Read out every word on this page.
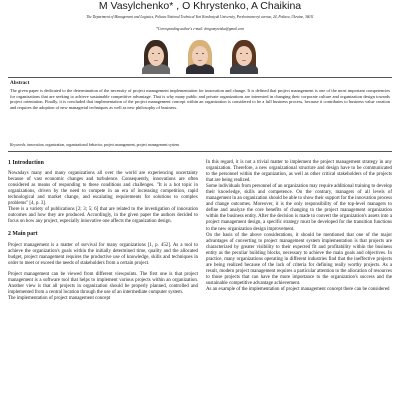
M Vasylchenko* , O Khrystenko, A Chaikina
The Department of Management and Logistics, Poltava National Technical Yuri Kondratyuk University, Pershotravnevyi avenue, 24, Poltava, Ukraine, 36011
*Corresponding author's e-mail: drogomyretska@gmail.com
Abstract
The given paper is dedicated to the determination of the necessity of project management implementation for innovation and change. It is defined that project management is one of the most important competencies for organizations that are seeking to achieve sustainable competitive advantage. That is why many public and private organizations are interested in changing their corporate culture and organization design towards project orientation. Finally, it is concluded that implementation of the project management concept within an organization is considered to be a full business process, because it contributes to business value creation and requires the adoption of new managerial techniques as well as new philosophy of business.
Keywords: innovation, organization, organizational behavior, project management, project management system
1 Introduction

Nowadays many and many organizations all over the world are experiencing uncertainty because of vast economic changes and turbulence. Consequently, innovations are often considered as means of responding to these conditions and challenges. "It is a hot topic in organizations, driven by the need to compete in an era of increasing competition, rapid technological and market change, and escalating requirements for solutions to complex problems" [4, p. 3].

There is a variety of publications [2; 3; 5; 6] that are related to the investigation of innovation outcomes and how they are produced. Accordingly, in the given paper the authors decided to focus on how any project, especially innovative one affects the organization design.

2 Main part

Project management is a matter of survival for many organizations [1, p. 452]. As a tool to achieve the organization's goals within the initially determined time, quality and the allocated budget, project management requires the productive use of knowledge, skills and techniques in order to meet or exceed the needs of stakeholders from a certain project.

Project management can be viewed from different viewpoints. The first one is that project management is a software tool that helps to implement various projects within an organization. Another view is that all projects in organization should be properly planned, controlled and implemented from a central location through the use of an intermediate computer system.

The implementation of project management concept

In this regard, it is not a trivial matter to implement the project management strategy in any organization. Therefore, a new organizational structure and design have to be communicated to the personnel within the organization, as well as other critical stakeholders of the projects that are being realized.

Some individuals from personnel of an organization may require additional training to develop their knowledge, skills and competence. On the contrary, managers of all levels of management in an organization should be able to show their support for the innovation process and change outcomes. Moreover, it is the only responsibility of the top-level managers to define and analyze the core benefits of changing to the project management organization within the business entity. After the decision is made to convert the organization's assets into a project management design, a specific strategy must be developed for the transition functions to the new organization design improvement.

On the basis of the above considerations, it should be mentioned that one of the major advantages of converting to project management system implementation is that projects are characterized by greater visibility to their expected fit and profitability within the business entity as the peculiar building blocks, necessary to achieve the main goals and objectives. In practice, many organizations operating in different industries find that the ineffective projects are being realized because of the lack of criteria for defining really worthy projects. As a result, modern project management requires a particular attention to the allocation of resources to those projects that can have the more importance to the organization's success and the sustainable competitive advantage achievement.

As an example of the implementation of project management concept there can be considered
